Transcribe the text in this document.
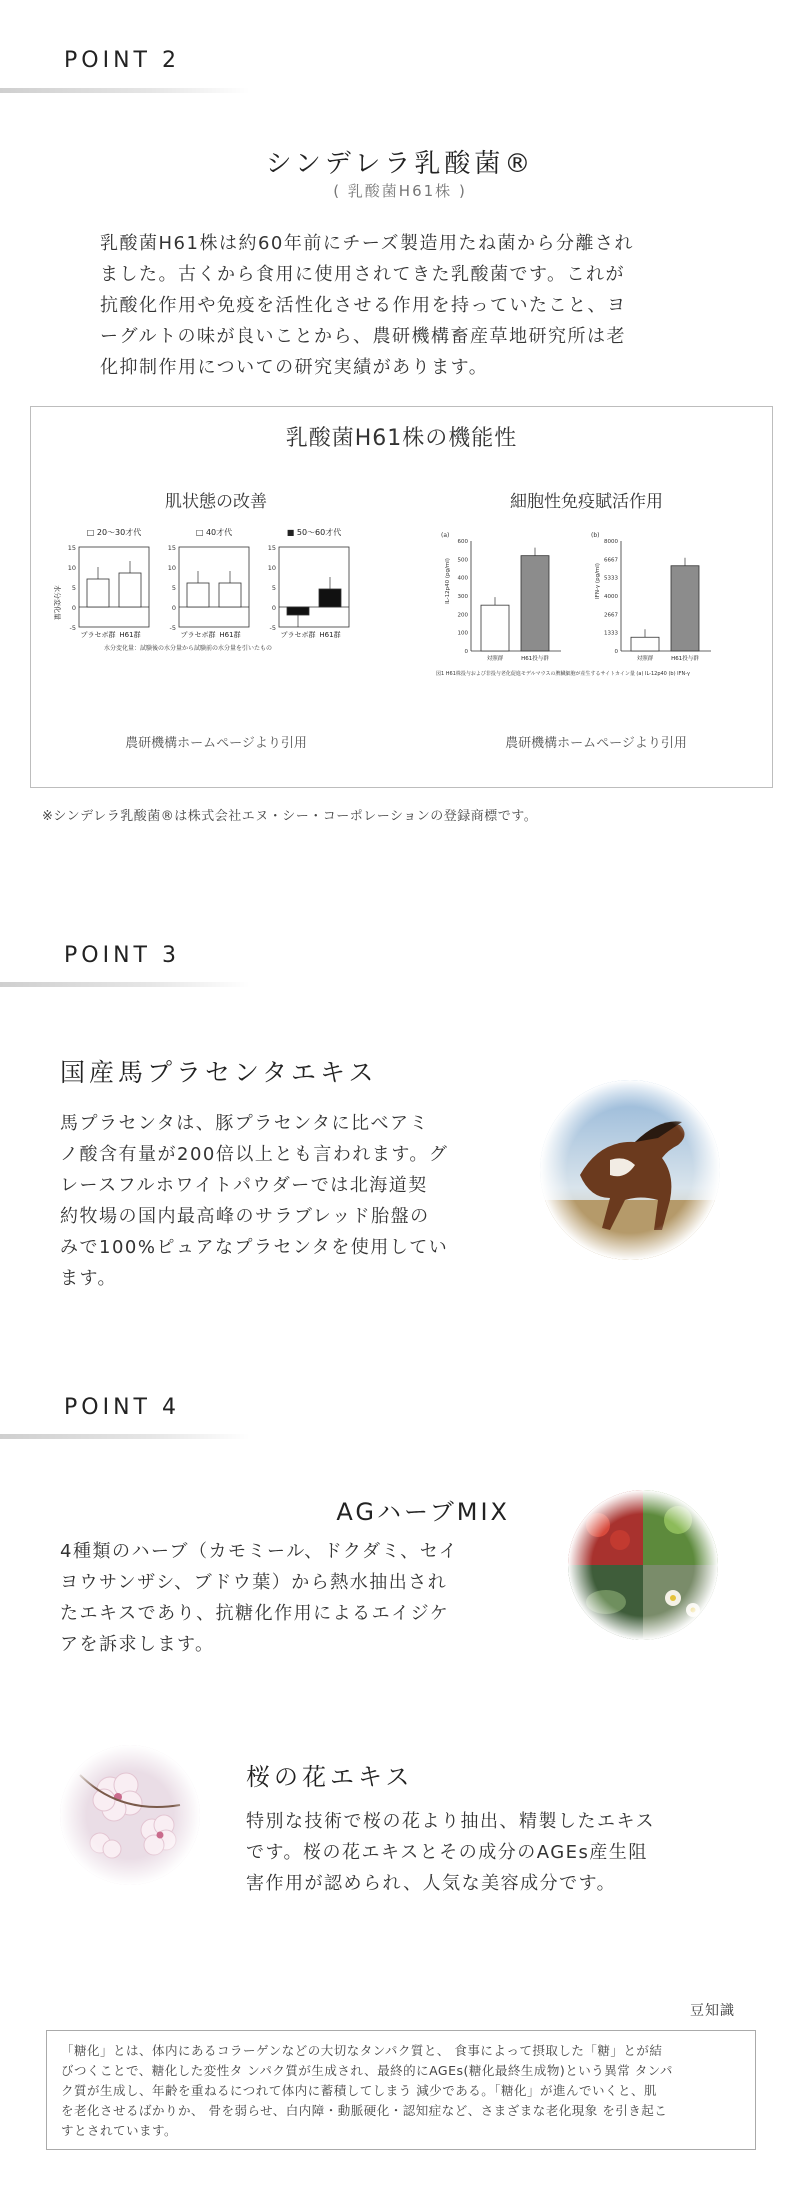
POINT 2
シンデレラ乳酸菌®
( 乳酸菌H61株 )
乳酸菌H61株は約60年前にチーズ製造用たね菌から分離され
ました。古くから食用に使用されてきた乳酸菌です。これが
抗酸化作用や免疫を活性化させる作用を持っていたこと、ヨ
ーグルトの味が良いことから、農研機構畜産草地研究所は老
化抑制作用についての研究実績があります。
乳酸菌H61株の機能性
肌状態の改善	細胞性免疫賦活作用
□ 20〜30才代
15
10
5
0
-5
プラセボ群 H61群
□ 40才代
15
10
5
0
-5
プラセボ群 H61群
■ 50〜60才代
15
10
5
0
-5
プラセボ群 H61群
水分変化量
水分変化量：試験後の水分量から試験前の水分量を引いたもの
(a)
0
100
200
300
400
500
600
対照群	H61投与群
IL-12p40 (pg/ml)
(b)
0
1333
2667
4000
5333
6667
8000
対照群	H61投与群
IFN-γ (pg/ml)
図1 H61株投与および非投与老化促進モデルマウスの脾臓細胞が産生するサイトカイン量 (a) IL-12p40 (b) IFN-γ
農研機構ホームページより引用	農研機構ホームページより引用
※シンデレラ乳酸菌®は株式会社エヌ・シー・コーポレーションの登録商標です。
POINT 3
国産馬プラセンタエキス
馬プラセンタは、豚プラセンタに比べアミ
ノ酸含有量が200倍以上とも言われます。グ
レースフルホワイトパウダーでは北海道契
約牧場の国内最高峰のサラブレッド胎盤の
みで100%ピュアなプラセンタを使用してい
ます。
POINT 4
AGハーブMIX
4種類のハーブ（カモミール、ドクダミ、セイ
ヨウサンザシ、ブドウ葉）から熱水抽出され
たエキスであり、抗糖化作用によるエイジケ
アを訴求します。
桜の花エキス
特別な技術で桜の花より抽出、精製したエキス
です。桜の花エキスとその成分のAGEs産生阻
害作用が認められ、人気な美容成分です。
豆知識
「糖化」とは、体内にあるコラーゲンなどの大切なタンパク質と、 食事によって摂取した「糖」とが結
びつくことで、糖化した変性タ ンパク質が生成され、最終的にAGEs(糖化最終生成物)という異常 タンパ
ク質が生成し、年齢を重ねるにつれて体内に蓄積してしまう 減少である。「糖化」が進んでいくと、肌
を老化させるばかりか、 骨を弱らせ、白内障・動脈硬化・認知症など、さまざまな老化現象 を引き起こ
すとされています。
